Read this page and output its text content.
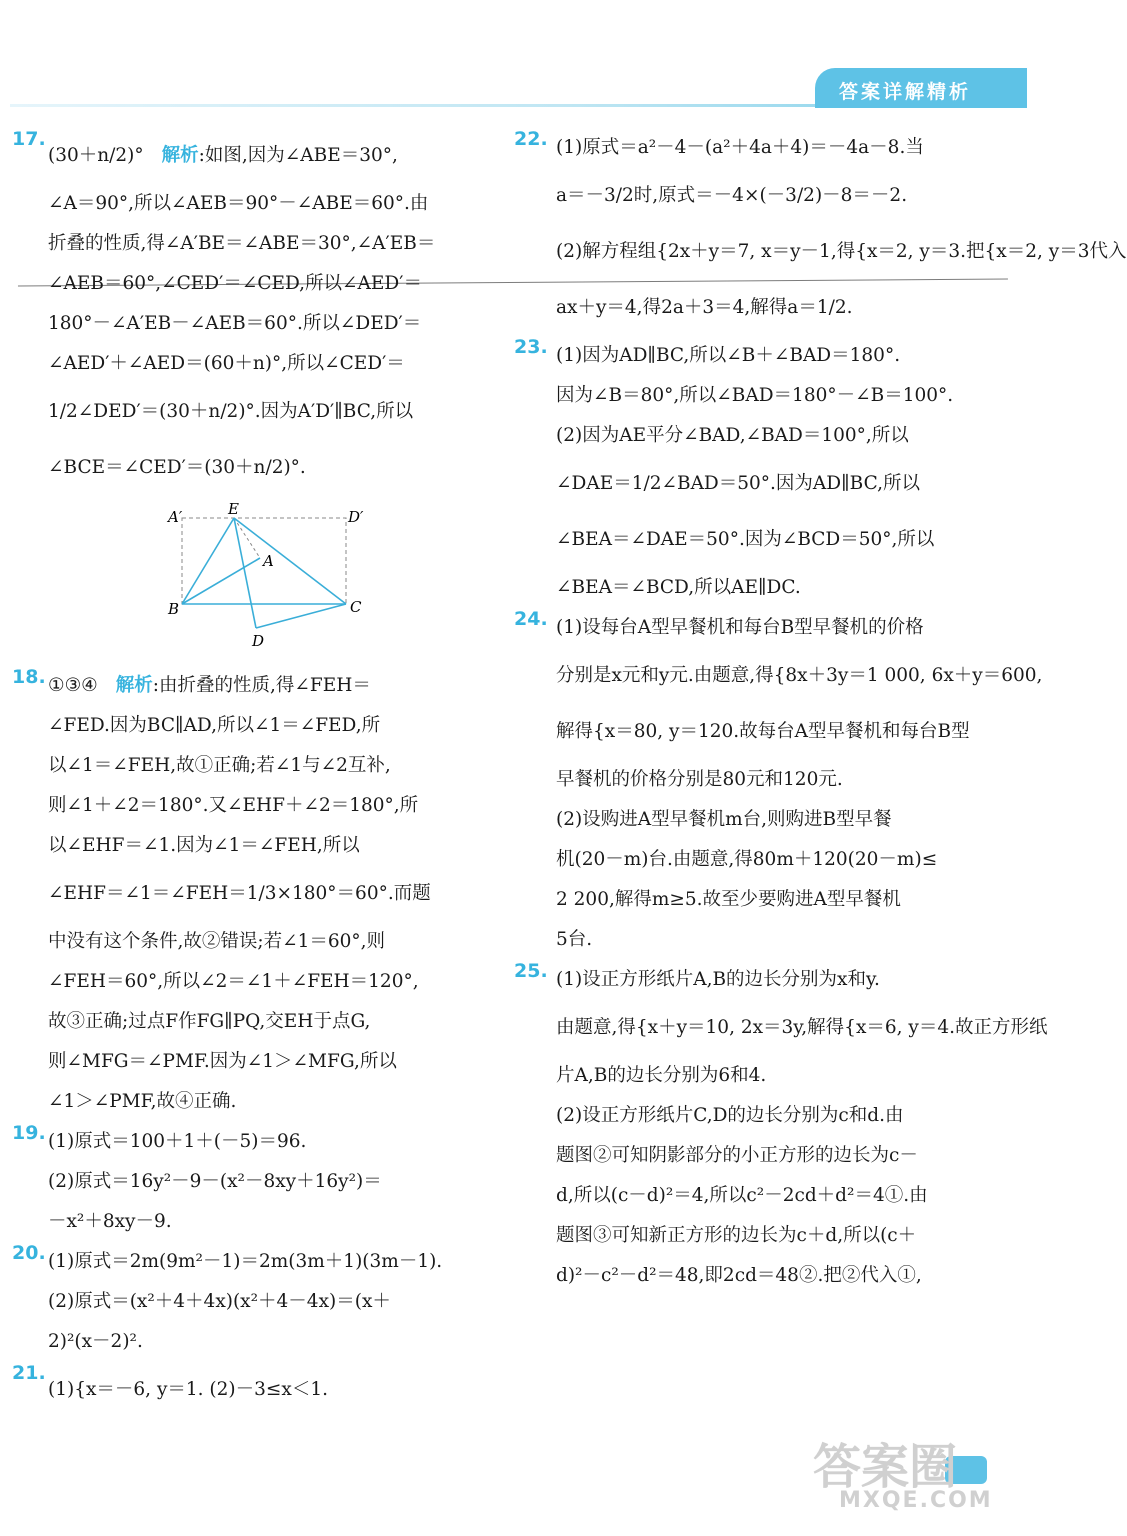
答案详解精析
17.
(30＋n/2)° 解析:如图,因为∠ABE＝30°,
∠A＝90°,所以∠AEB＝90°－∠ABE＝60°.由
折叠的性质,得∠A′BE＝∠ABE＝30°,∠A′EB＝
∠AEB＝60°,∠CED′＝∠CED,所以∠AED′＝
180°－∠A′EB－∠AEB＝60°.所以∠DED′＝
∠AED′＋∠AED＝(60＋n)°,所以∠CED′＝
1/2∠DED′＝(30＋n/2)°.因为A′D′∥BC,所以
∠BCE＝∠CED′＝(30＋n/2)°.
A′	E	D′
A
B	C
D
18. ①③④ 解析:由折叠的性质,得∠FEH＝
∠FED.因为BC∥AD,所以∠1＝∠FED,所
以∠1＝∠FEH,故①正确;若∠1与∠2互补,
则∠1＋∠2＝180°.又∠EHF＋∠2＝180°,所
以∠EHF＝∠1.因为∠1＝∠FEH,所以
∠EHF＝∠1＝∠FEH＝1/3×180°＝60°.而题
中没有这个条件,故②错误;若∠1＝60°,则
∠FEH＝60°,所以∠2＝∠1＋∠FEH＝120°,
故③正确;过点F作FG∥PQ,交EH于点G,
则∠MFG＝∠PMF.因为∠1＞∠MFG,所以
∠1＞∠PMF,故④正确.
19. (1)原式＝100＋1＋(－5)＝96.
(2)原式＝16y²－9－(x²－8xy＋16y²)＝
－x²＋8xy－9.
20. (1)原式＝2m(9m²－1)＝2m(3m＋1)(3m－1).
(2)原式＝(x²＋4＋4x)(x²＋4－4x)＝(x＋
2)²(x－2)².
21.
(1){x＝－6, y＝1. (2)－3≤x＜1.
22. (1)原式＝a²－4－(a²＋4a＋4)＝－4a－8.当
a＝－3/2时,原式＝－4×(－3/2)－8＝－2.
(2)解方程组{2x＋y＝7, x＝y－1,得{x＝2, y＝3.把{x＝2, y＝3代入
ax＋y＝4,得2a＋3＝4,解得a＝1/2.
23. (1)因为AD∥BC,所以∠B＋∠BAD＝180°.
因为∠B＝80°,所以∠BAD＝180°－∠B＝100°.
(2)因为AE平分∠BAD,∠BAD＝100°,所以
∠DAE＝1/2∠BAD＝50°.因为AD∥BC,所以
∠BEA＝∠DAE＝50°.因为∠BCD＝50°,所以
∠BEA＝∠BCD,所以AE∥DC.
24. (1)设每台A型早餐机和每台B型早餐机的价格
分别是x元和y元.由题意,得{8x＋3y＝1 000, 6x＋y＝600,
解得{x＝80, y＝120.故每台A型早餐机和每台B型
早餐机的价格分别是80元和120元.
(2)设购进A型早餐机m台,则购进B型早餐
机(20－m)台.由题意,得80m＋120(20－m)≤
2 200,解得m≥5.故至少要购进A型早餐机
5台.
25. (1)设正方形纸片A,B的边长分别为x和y.
由题意,得{x＋y＝10, 2x＝3y,解得{x＝6, y＝4.故正方形纸
片A,B的边长分别为6和4.
(2)设正方形纸片C,D的边长分别为c和d.由
题图②可知阴影部分的小正方形的边长为c－
d,所以(c－d)²＝4,所以c²－2cd＋d²＝4①.由
题图③可知新正方形的边长为c＋d,所以(c＋
d)²－c²－d²＝48,即2cd＝48②.把②代入①,
答案圈
MXQE.COM
